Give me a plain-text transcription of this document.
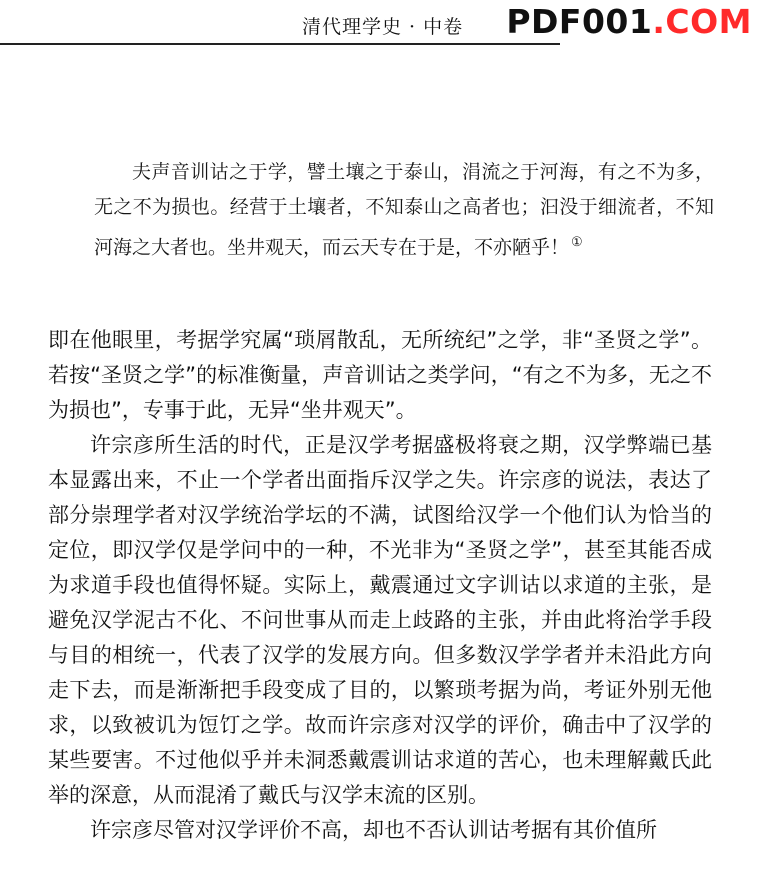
清代理学史 · 中卷 PDF001.COM

夫声音训诂之于学，譬土壤之于泰山，涓流之于河海，有之不为多，无之不为损也。经营于土壤者，不知泰山之高者也；汩没于细流者，不知河海之大者也。坐井观天，而云天专在于是，不亦陋乎！ ①

即在他眼里，考据学究属“琐屑散乱，无所统纪”之学，非“圣贤之学”。若按“圣贤之学”的标准衡量，声音训诂之类学问，“有之不为多，无之不为损也”，专事于此，无异“坐井观天”。

许宗彦所生活的时代，正是汉学考据盛极将衰之期，汉学弊端已基本显露出来，不止一个学者出面指斥汉学之失。许宗彦的说法，表达了部分崇理学者对汉学统治学坛的不满，试图给汉学一个他们认为恰当的定位，即汉学仅是学问中的一种，不光非为“圣贤之学”，甚至其能否成为求道手段也值得怀疑。实际上，戴震通过文字训诂以求道的主张，是避免汉学泥古不化、不问世事从而走上歧路的主张，并由此将治学手段与目的相统一，代表了汉学的发展方向。但多数汉学学者并未沿此方向走下去，而是渐渐把手段变成了目的，以繁琐考据为尚，考证外别无他求，以致被讥为饾饤之学。故而许宗彦对汉学的评价，确击中了汉学的某些要害。不过他似乎并未洞悉戴震训诂求道的苦心，也未理解戴氏此举的深意，从而混淆了戴氏与汉学末流的区别。

许宗彦尽管对汉学评价不高，却也不否认训诂考据有其价值所
